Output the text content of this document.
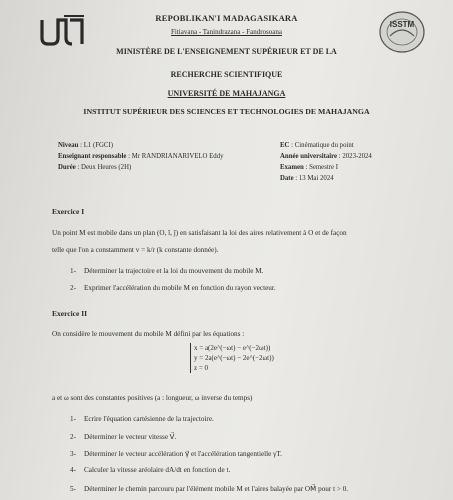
ISSTM
REPOBLIKAN'I MADAGASIKARA
Fitiavana - Tanindrazana - Fandrosoana
MINISTÈRE DE L'ENSEIGNEMENT SUPÉRIEUR ET DE LA
RECHERCHE SCIENTIFIQUE
UNIVERSITÉ DE MAHAJANGA
INSTITUT SUPÉRIEUR DES SCIENCES ET TECHNOLOGIES DE MAHAJANGA
Niveau : L1 (FGCI)
Enseignant responsable : Mr RANDRIANARIVELO Eddy
Durée : Deux Heures (2H)
EC : Cinématique du point
Année universitaire : 2023-2024
Examen : Semestre I
Date : 13 Mai 2024
Exercice I
Un point M est mobile dans un plan (O, î, ĵ) en satisfaisant la loi des aires relativement à O et de façon
telle que l'on a constamment v = k/r (k constante donnée).
1- Déterminer la trajectoire et la loi du mouvement du mobile M.
2- Exprimer l'accélération du mobile M en fonction du rayon vecteur.
Exercice II
On considère le mouvement du mobile M défini par les équations :
x = a(2e^(−ωt) − e^(−2ωt))
y = 2a(e^(−ωt) − 2e^(−2ωt))
z = 0
a et ω sont des constantes positives (a : longueur, ω inverse du temps)
1- Ecrire l'équation cartésienne de la trajectoire.
2- Déterminer le vecteur vitesse V⃗.
3- Déterminer le vecteur accélération γ⃗ et l'accélération tangentielle γT.
4- Calculer la vitesse aréolaire dA/dt en fonction de t.
5- Déterminer le chemin parcouru par l'élément mobile M et l'aires balayée par OM⃗ pour t > 0.
